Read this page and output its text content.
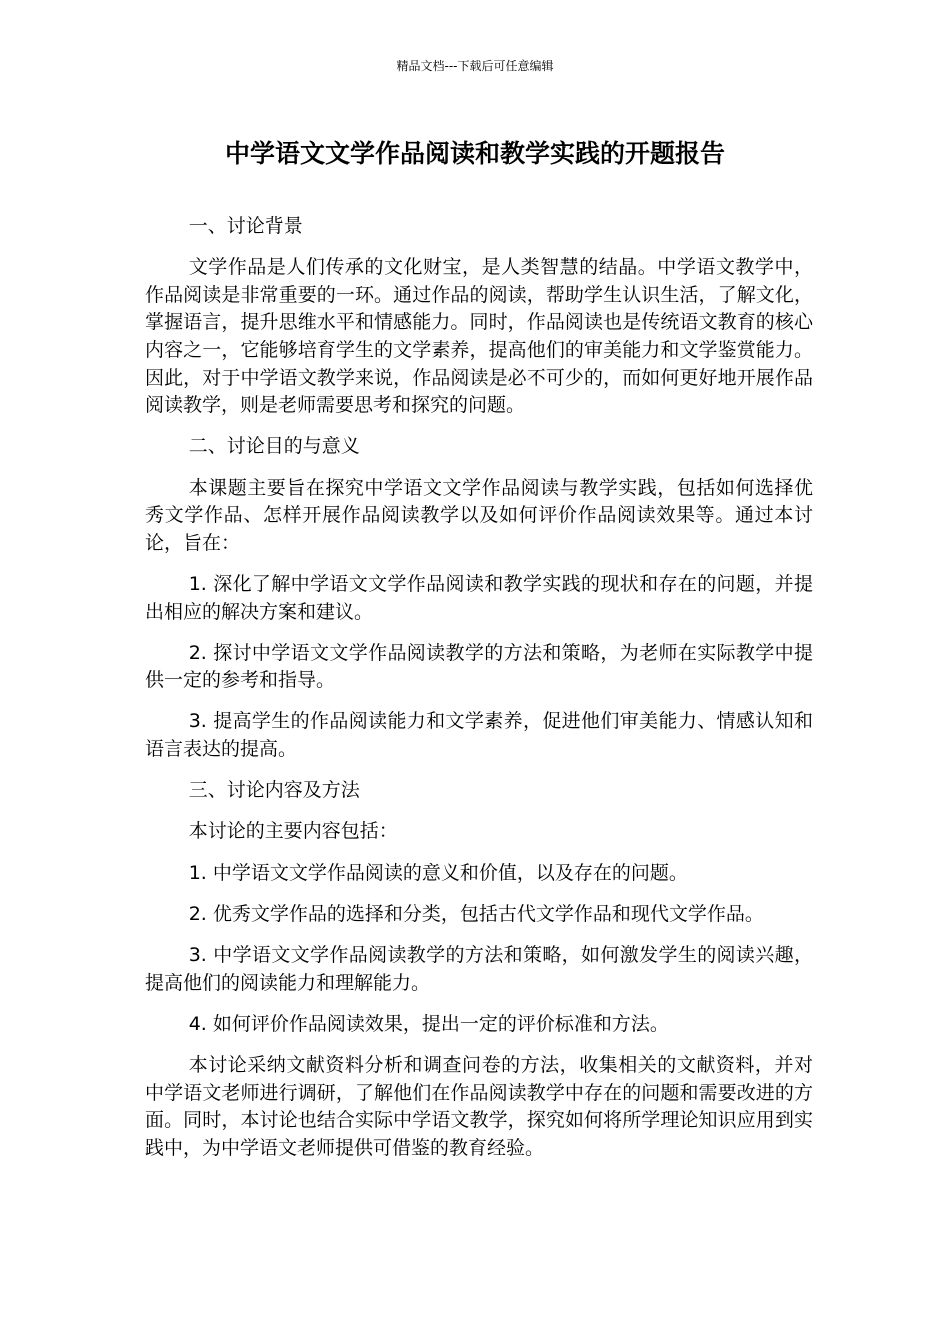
精品文档---下载后可任意编辑
中学语文文学作品阅读和教学实践的开题报告

一、讨论背景

文学作品是人们传承的文化财宝，是人类智慧的结晶。中学语文教学中，作品阅读是非常重要的一环。通过作品的阅读，帮助学生认识生活，了解文化，掌握语言，提升思维水平和情感能力。同时，作品阅读也是传统语文教育的核心内容之一，它能够培育学生的文学素养，提高他们的审美能力和文学鉴赏能力。因此，对于中学语文教学来说，作品阅读是必不可少的，而如何更好地开展作品阅读教学，则是老师需要思考和探究的问题。

二、讨论目的与意义

本课题主要旨在探究中学语文文学作品阅读与教学实践，包括如何选择优秀文学作品、怎样开展作品阅读教学以及如何评价作品阅读效果等。通过本讨论，旨在：

1. 深化了解中学语文文学作品阅读和教学实践的现状和存在的问题，并提出相应的解决方案和建议。

2. 探讨中学语文文学作品阅读教学的方法和策略，为老师在实际教学中提供一定的参考和指导。

3. 提高学生的作品阅读能力和文学素养，促进他们审美能力、情感认知和语言表达的提高。

三、讨论内容及方法

本讨论的主要内容包括：

1. 中学语文文学作品阅读的意义和价值，以及存在的问题。

2. 优秀文学作品的选择和分类，包括古代文学作品和现代文学作品。

3. 中学语文文学作品阅读教学的方法和策略，如何激发学生的阅读兴趣，提高他们的阅读能力和理解能力。

4. 如何评价作品阅读效果，提出一定的评价标准和方法。

本讨论采纳文献资料分析和调查问卷的方法，收集相关的文献资料，并对中学语文老师进行调研，了解他们在作品阅读教学中存在的问题和需要改进的方面。同时，本讨论也结合实际中学语文教学，探究如何将所学理论知识应用到实践中，为中学语文老师提供可借鉴的教育经验。
